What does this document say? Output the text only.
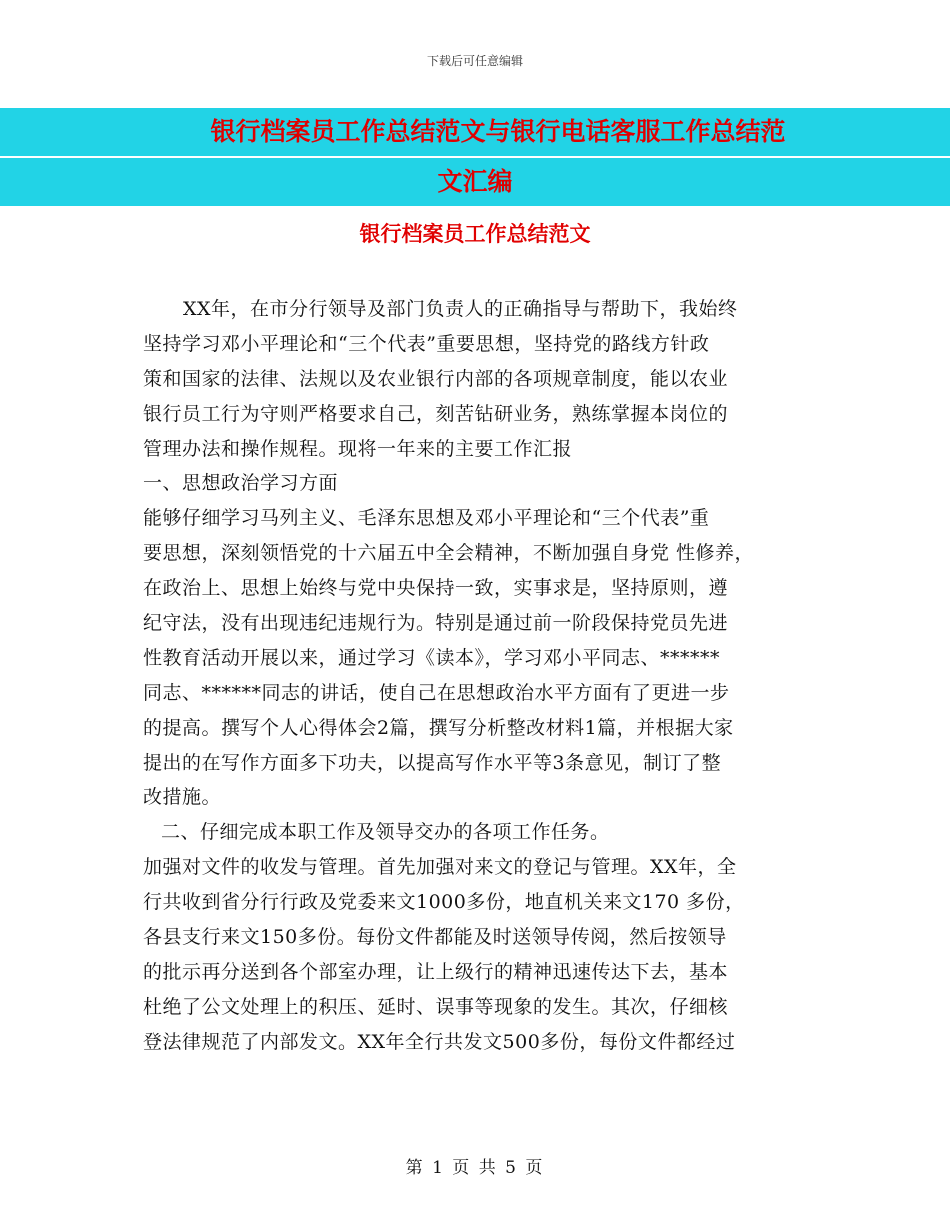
下载后可任意编辑
银行档案员工作总结范文与银行电话客服工作总结范
文汇编
银行档案员工作总结范文
XX年，在市分行领导及部门负责人的正确指导与帮助下，我始终
坚持学习邓小平理论和“三个代表”重要思想，坚持党的路线方针政
策和国家的法律、法规以及农业银行内部的各项规章制度，能以农业
银行员工行为守则严格要求自己，刻苦钻研业务，熟练掌握本岗位的
管理办法和操作规程。现将一年来的主要工作汇报
一、思想政治学习方面
能够仔细学习马列主义、毛泽东思想及邓小平理论和“三个代表”重
要思想，深刻领悟党的十六届五中全会精神，不断加强自身党 性修养，
在政治上、思想上始终与党中央保持一致，实事求是，坚持原则，遵
纪守法，没有出现违纪违规行为。特别是通过前一阶段保持党员先进
性教育活动开展以来，通过学习《读本》，学习邓小平同志、******
同志、******同志的讲话，使自己在思想政治水平方面有了更进一步
的提高。撰写个人心得体会2篇，撰写分析整改材料1篇，并根据大家
提出的在写作方面多下功夫，以提高写作水平等3条意见，制订了整
改措施。
二、仔细完成本职工作及领导交办的各项工作任务。
加强对文件的收发与管理。首先加强对来文的登记与管理。XX年，全
行共收到省分行行政及党委来文1000多份，地直机关来文170 多份，
各县支行来文150多份。每份文件都能及时送领导传阅，然后按领导
的批示再分送到各个部室办理，让上级行的精神迅速传达下去，基本
杜绝了公文处理上的积压、延时、误事等现象的发生。其次，仔细核
登法律规范了内部发文。XX年全行共发文500多份，每份文件都经过
第 1 页 共 5 页
